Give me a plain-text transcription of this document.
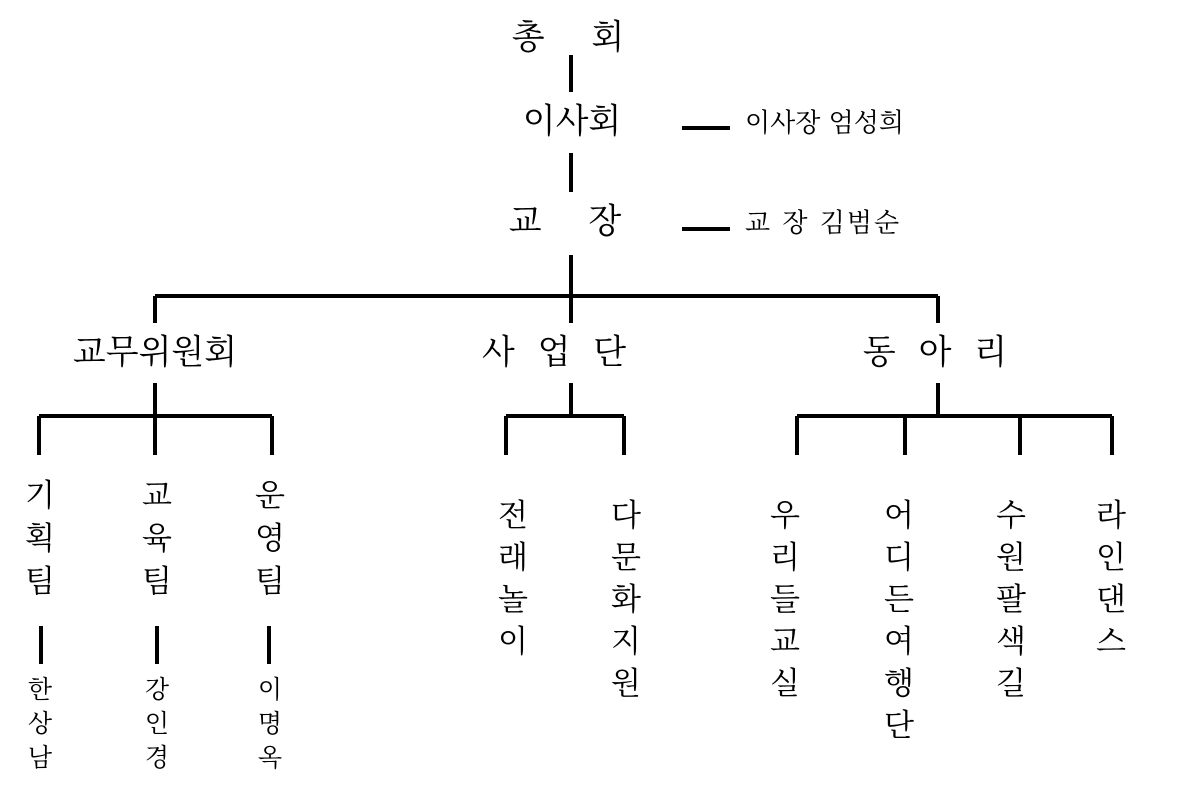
총 회
이사회	이사장 엄성희
교 장	교 장 김범순
교무위원회	사 업 단	동 아 리
기 획 팀
한 상 남
교 육 팀
강 인 경
운 영 팀
이 명 옥
전 래 놀 이
다 문 화 지 원
우 리 들 교 실
어 디 든 여 행 단
수 원 팔 색 길
라 인 댄 스
